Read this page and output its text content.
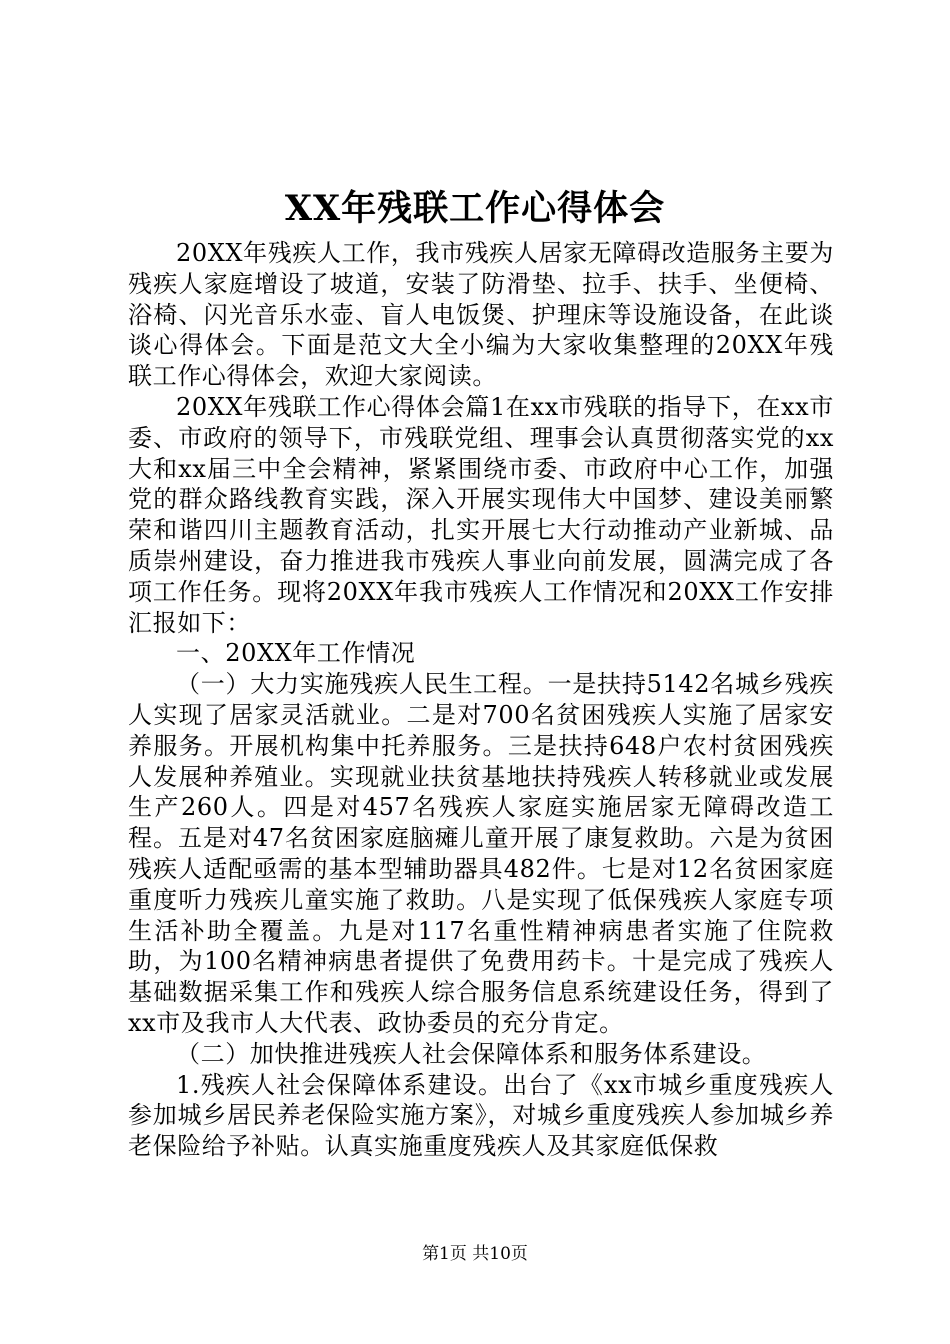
XX年残联工作心得体会

20XX年残疾人工作，我市残疾人居家无障碍改造服务主要为残疾人家庭增设了坡道，安装了防滑垫、拉手、扶手、坐便椅、浴椅、闪光音乐水壶、盲人电饭煲、护理床等设施设备，在此谈谈心得体会。下面是范文大全小编为大家收集整理的20XX年残联工作心得体会，欢迎大家阅读。

20XX年残联工作心得体会篇1在xx市残联的指导下，在xx市委、市政府的领导下，市残联党组、理事会认真贯彻落实党的xx大和xx届三中全会精神，紧紧围绕市委、市政府中心工作，加强党的群众路线教育实践，深入开展实现伟大中国梦、建设美丽繁荣和谐四川主题教育活动，扎实开展七大行动推动产业新城、品质崇州建设，奋力推进我市残疾人事业向前发展，圆满完成了各项工作任务。现将20XX年我市残疾人工作情况和20XX工作安排汇报如下：

一、20XX年工作情况

（一）大力实施残疾人民生工程。一是扶持5142名城乡残疾人实现了居家灵活就业。二是对700名贫困残疾人实施了居家安养服务。开展机构集中托养服务。三是扶持648户农村贫困残疾人发展种养殖业。实现就业扶贫基地扶持残疾人转移就业或发展生产260人。四是对457名残疾人家庭实施居家无障碍改造工程。五是对47名贫困家庭脑瘫儿童开展了康复救助。六是为贫困残疾人适配亟需的基本型辅助器具482件。七是对12名贫困家庭重度听力残疾儿童实施了救助。八是实现了低保残疾人家庭专项生活补助全覆盖。九是对117名重性精神病患者实施了住院救助，为100名精神病患者提供了免费用药卡。十是完成了残疾人基础数据采集工作和残疾人综合服务信息系统建设任务，得到了xx市及我市人大代表、政协委员的充分肯定。

（二）加快推进残疾人社会保障体系和服务体系建设。

1.残疾人社会保障体系建设。出台了《xx市城乡重度残疾人参加城乡居民养老保险实施方案》，对城乡重度残疾人参加城乡养老保险给予补贴。认真实施重度残疾人及其家庭低保救

第1页 共10页
